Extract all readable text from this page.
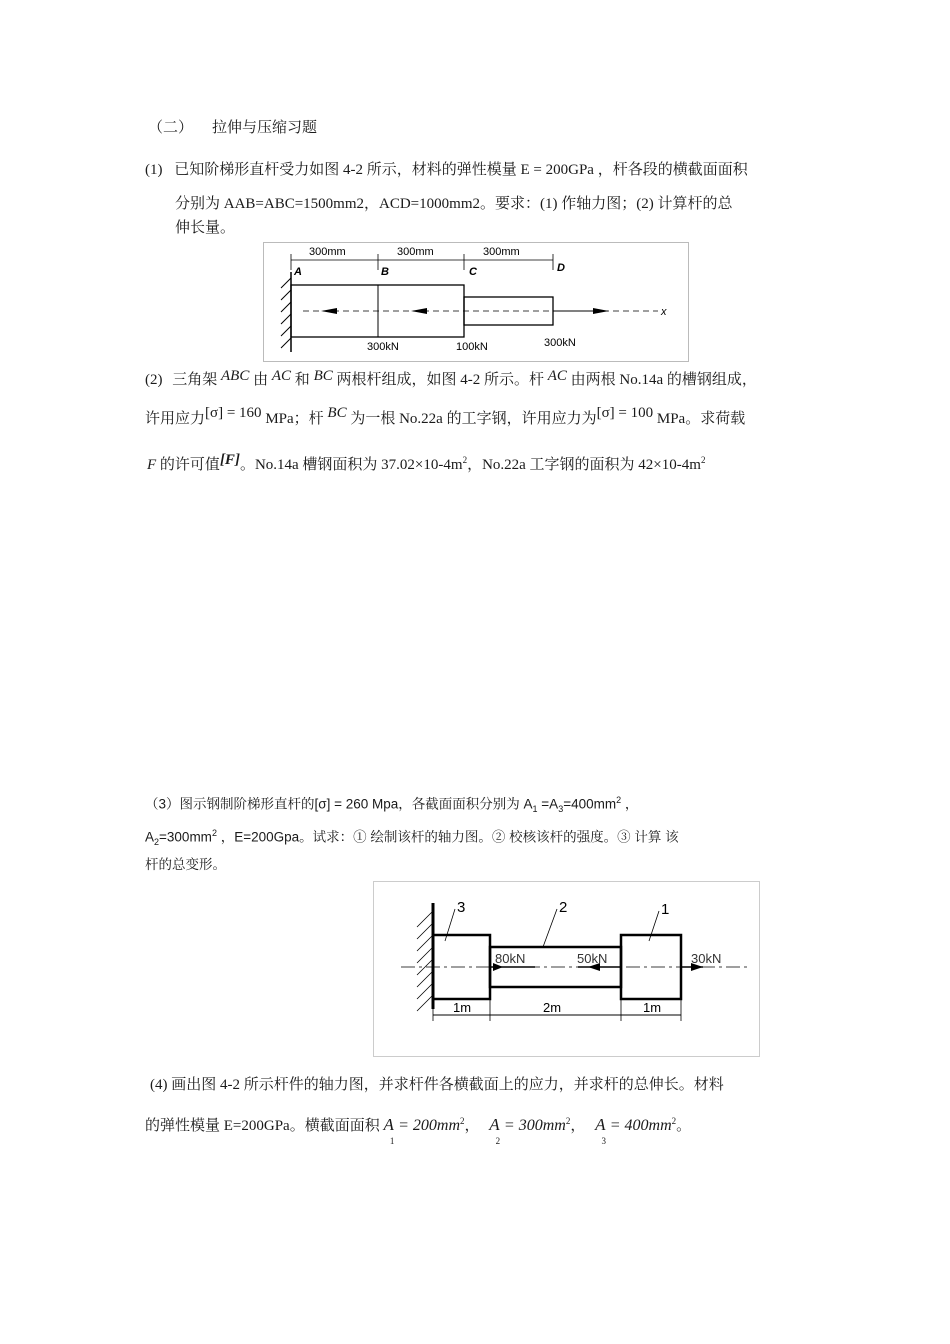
（二） 拉伸与压缩习题
(1) 已知阶梯形直杆受力如图 4-2 所示，材料的弹性模量 E = 200GPa ，杆各段的横截面面积
分别为 AAB=ABC=1500mm2，ACD=1000mm2。要求：(1) 作轴力图；(2) 计算杆的总
伸长量。
x
300mm	300mm	300mm
A	B	C	D
300kN	100kN	300kN
(2) 三角架 ABC 由 AC 和 BC 两根杆组成，如图 4-2 所示。杆 AC 由两根 No.14a 的槽钢组成，
许用应力[σ] = 160 MPa；杆 BC 为一根 No.22a 的工字钢，许用应力为[σ] = 100 MPa。求荷载
F 的许可值[F]。No.14a 槽钢面积为 $37.02\times 10-4m^2$，No.22a 工字钢的面积为 $42\times 10-4m^2$
（3）图示钢制阶梯形直杆的[σ] = 260 Mpa，各截面面积分别为 $A_1 =A_3=400mm^2$ ，
$A_2=300mm^2$ ，E=200Gpa。试求：① 绘制该杆的轴力图。② 校核该杆的强度。③ 计算 该
杆的总变形。
3	2	1
80kN	50kN	30kN
1m	2m	1m
(4) 画出图 4-2 所示杆件的轴力图，并求杆件各横截面上的应力，并求杆的总伸长。材料
的弹性模量 E=200GPa。横截面面积 $A_1 = 200mm^2$， $A_2 = 300mm^2$， $A_3 = 400mm^2$。
